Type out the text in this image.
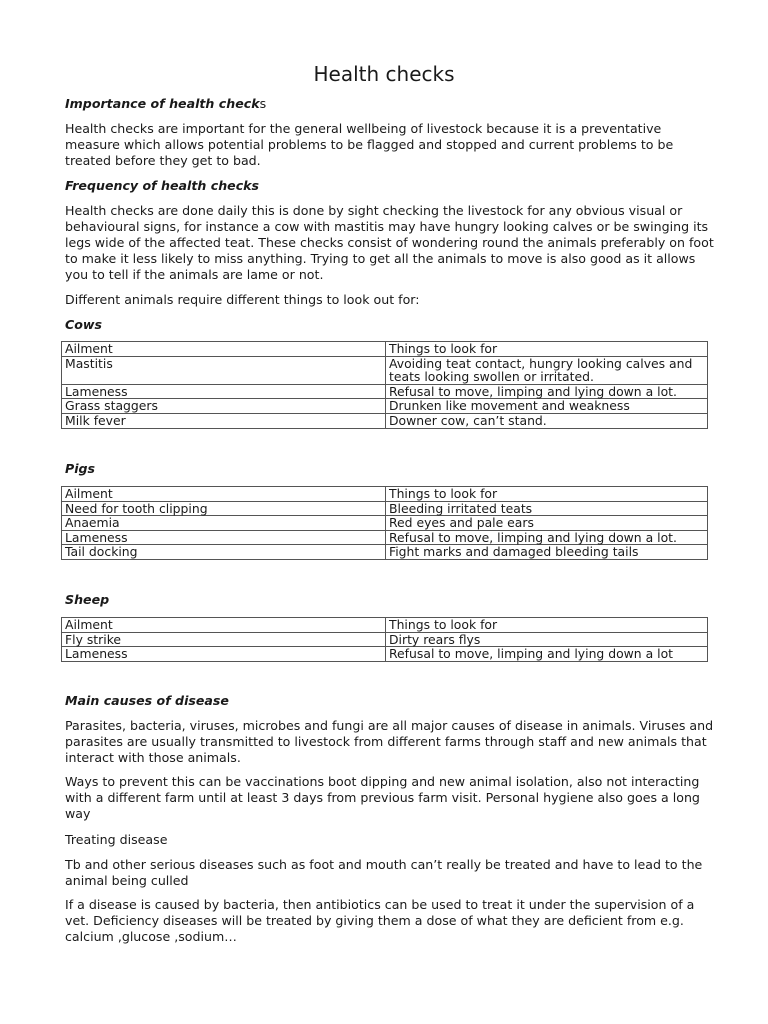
Health checks
Importance of health checks

Health checks are important for the general wellbeing of livestock because it is a preventative measure which allows potential problems to be flagged and stopped and current problems to be treated before they get to bad.

Frequency of health checks

Health checks are done daily this is done by sight checking the livestock for any obvious visual or behavioural signs, for instance a cow with mastitis may have hungry looking calves or be swinging its legs wide of the affected teat. These checks consist of wondering round the animals preferably on foot to make it less likely to miss anything. Trying to get all the animals to move is also good as it allows you to tell if the animals are lame or not.

Different animals require different things to look out for:

Cows
Ailment	Things to look for
Mastitis	Avoiding teat contact, hungry looking calves and teats looking swollen or irritated.
Lameness	Refusal to move, limping and lying down a lot.
Grass staggers	Drunken like movement and weakness
Milk fever	Downer cow, can’t stand.
Pigs
Ailment	Things to look for
Need for tooth clipping	Bleeding irritated teats
Anaemia	Red eyes and pale ears
Lameness	Refusal to move, limping and lying down a lot.
Tail docking	Fight marks and damaged bleeding tails
Sheep
Ailment	Things to look for
Fly strike	Dirty rears flys
Lameness	Refusal to move, limping and lying down a lot
Main causes of disease

Parasites, bacteria, viruses, microbes and fungi are all major causes of disease in animals. Viruses and parasites are usually transmitted to livestock from different farms through staff and new animals that interact with those animals.

Ways to prevent this can be vaccinations boot dipping and new animal isolation, also not interacting with a different farm until at least 3 days from previous farm visit. Personal hygiene also goes a long way

Treating disease

Tb and other serious diseases such as foot and mouth can’t really be treated and have to lead to the animal being culled

If a disease is caused by bacteria, then antibiotics can be used to treat it under the supervision of a vet. Deficiency diseases will be treated by giving them a dose of what they are deficient from e.g. calcium ,glucose ,sodium…
